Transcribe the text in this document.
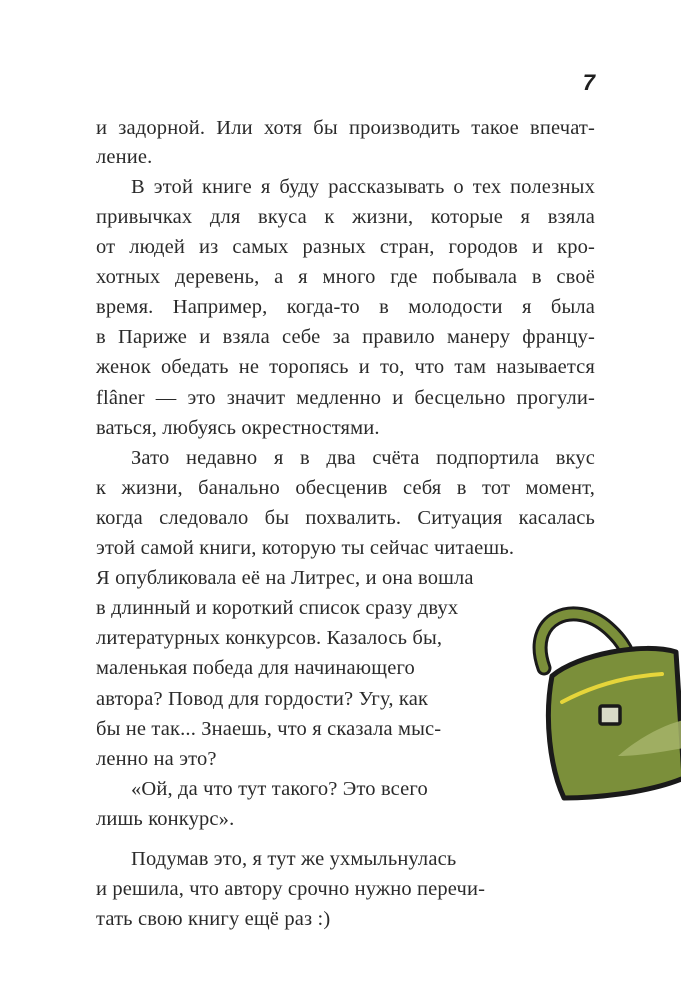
7
и задорной. Или хотя бы производить такое впечат-
ление.
В этой книге я буду рассказывать о тех полезных
привычках для вкуса к жизни, которые я взяла
от людей из самых разных стран, городов и кро-
хотных деревень, а я много где побывала в своё
время. Например, когда-то в молодости я была
в Париже и взяла себе за правило манеру францу-
женок обедать не торопясь и то, что там называется
flâner — это значит медленно и бесцельно прогули-
ваться, любуясь окрестностями.
Зато недавно я в два счёта подпортила вкус
к жизни, банально обесценив себя в тот момент,
когда следовало бы похвалить. Ситуация касалась
этой самой книги, которую ты сейчас читаешь.
Я опубликовала её на Литрес, и она вошла
в длинный и короткий список сразу двух
литературных конкурсов. Казалось бы,
маленькая победа для начинающего
автора? Повод для гордости? Угу, как
бы не так... Знаешь, что я сказала мыс-
ленно на это?
«Ой, да что тут такого? Это всего
лишь конкурс».
Подумав это, я тут же ухмыльнулась
и решила, что автору срочно нужно перечи-
тать свою книгу ещё раз :)
